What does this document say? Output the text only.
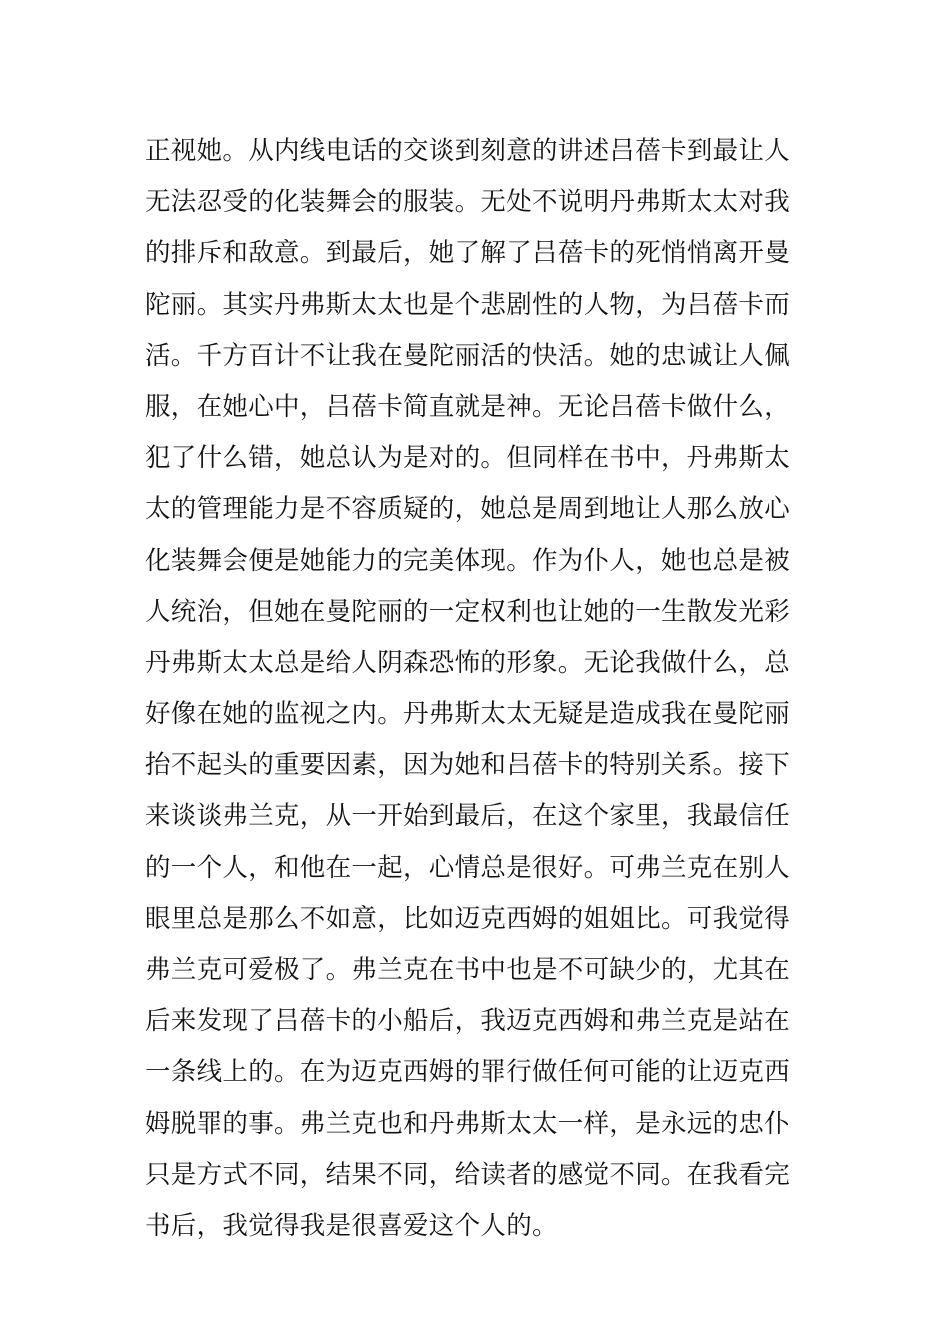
正视她。从内线电话的交谈到刻意的讲述吕蓓卡到最让人
无法忍受的化装舞会的服装。无处不说明丹弗斯太太对我
的排斥和敌意。到最后，她了解了吕蓓卡的死悄悄离开曼
陀丽。其实丹弗斯太太也是个悲剧性的人物，为吕蓓卡而
活。千方百计不让我在曼陀丽活的快活。她的忠诚让人佩
服，在她心中，吕蓓卡简直就是神。无论吕蓓卡做什么，
犯了什么错，她总认为是对的。但同样在书中，丹弗斯太
太的管理能力是不容质疑的，她总是周到地让人那么放心
化装舞会便是她能力的完美体现。作为仆人，她也总是被
人统治，但她在曼陀丽的一定权利也让她的一生散发光彩
丹弗斯太太总是给人阴森恐怖的形象。无论我做什么，总
好像在她的监视之内。丹弗斯太太无疑是造成我在曼陀丽
抬不起头的重要因素，因为她和吕蓓卡的特别关系。接下
来谈谈弗兰克，从一开始到最后，在这个家里，我最信任
的一个人，和他在一起，心情总是很好。可弗兰克在别人
眼里总是那么不如意，比如迈克西姆的姐姐比。可我觉得
弗兰克可爱极了。弗兰克在书中也是不可缺少的，尤其在
后来发现了吕蓓卡的小船后，我迈克西姆和弗兰克是站在
一条线上的。在为迈克西姆的罪行做任何可能的让迈克西
姆脱罪的事。弗兰克也和丹弗斯太太一样，是永远的忠仆
只是方式不同，结果不同，给读者的感觉不同。在我看完
书后，我觉得我是很喜爱这个人的。
